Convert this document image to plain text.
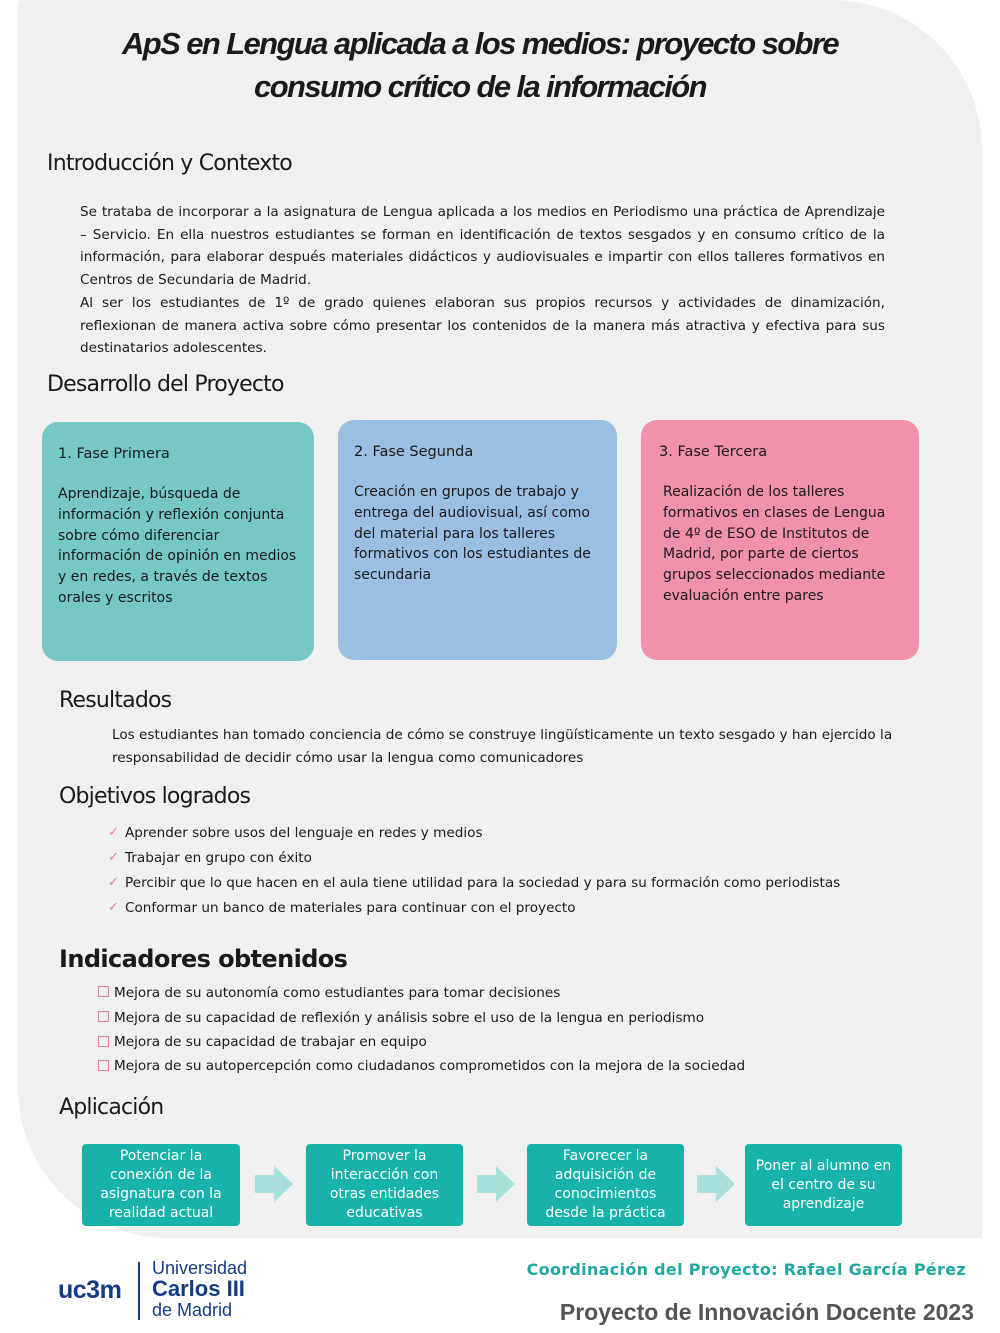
ApS en Lengua aplicada a los medios: proyecto sobre
consumo crítico de la información
Introducción y Contexto
Se trataba de incorporar a la asignatura de Lengua aplicada a los medios en Periodismo una práctica de Aprendizaje – Servicio. En ella nuestros estudiantes se forman en identificación de textos sesgados y en consumo crítico de la información, para elaborar después materiales didácticos y audiovisuales e impartir con ellos talleres formativos en Centros de Secundaria de Madrid.
Al ser los estudiantes de 1º de grado quienes elaboran sus propios recursos y actividades de dinamización, reflexionan de manera activa sobre cómo presentar los contenidos de la manera más atractiva y efectiva para sus destinatarios adolescentes.
Desarrollo del Proyecto
1. Fase Primera
Aprendizaje, búsqueda de información y reflexión conjunta sobre cómo diferenciar información de opinión en medios y en redes, a través de textos orales y escritos
2. Fase Segunda
Creación en grupos de trabajo y entrega del audiovisual, así como del material para los talleres formativos con los estudiantes de secundaria
3. Fase Tercera
Realización de los talleres formativos en clases de Lengua de 4º de ESO de Institutos de Madrid, por parte de ciertos grupos seleccionados mediante evaluación entre pares
Resultados
Los estudiantes han tomado conciencia de cómo se construye lingüísticamente un texto sesgado y han ejercido la responsabilidad de decidir cómo usar la lengua como comunicadores
Objetivos logrados
✓ Aprender sobre usos del lenguaje en redes y medios
✓ Trabajar en grupo con éxito
✓ Percibir que lo que hacen en el aula tiene utilidad para la sociedad y para su formación como periodistas
✓ Conformar un banco de materiales para continuar con el proyecto
Indicadores obtenidos
Mejora de su autonomía como estudiantes para tomar decisiones
Mejora de su capacidad de reflexión y análisis sobre el uso de la lengua en periodismo
Mejora de su capacidad de trabajar en equipo
Mejora de su autopercepción como ciudadanos comprometidos con la mejora de la sociedad
Aplicación
Potenciar la conexión de la asignatura con la realidad actual
Promover la interacción con otras entidades educativas
Favorecer la adquisición de conocimientos desde la práctica
Poner al alumno en el centro de su aprendizaje
uc3m
Universidad
Carlos III
de Madrid
Coordinación del Proyecto: Rafael García Pérez
Proyecto de Innovación Docente 2023
